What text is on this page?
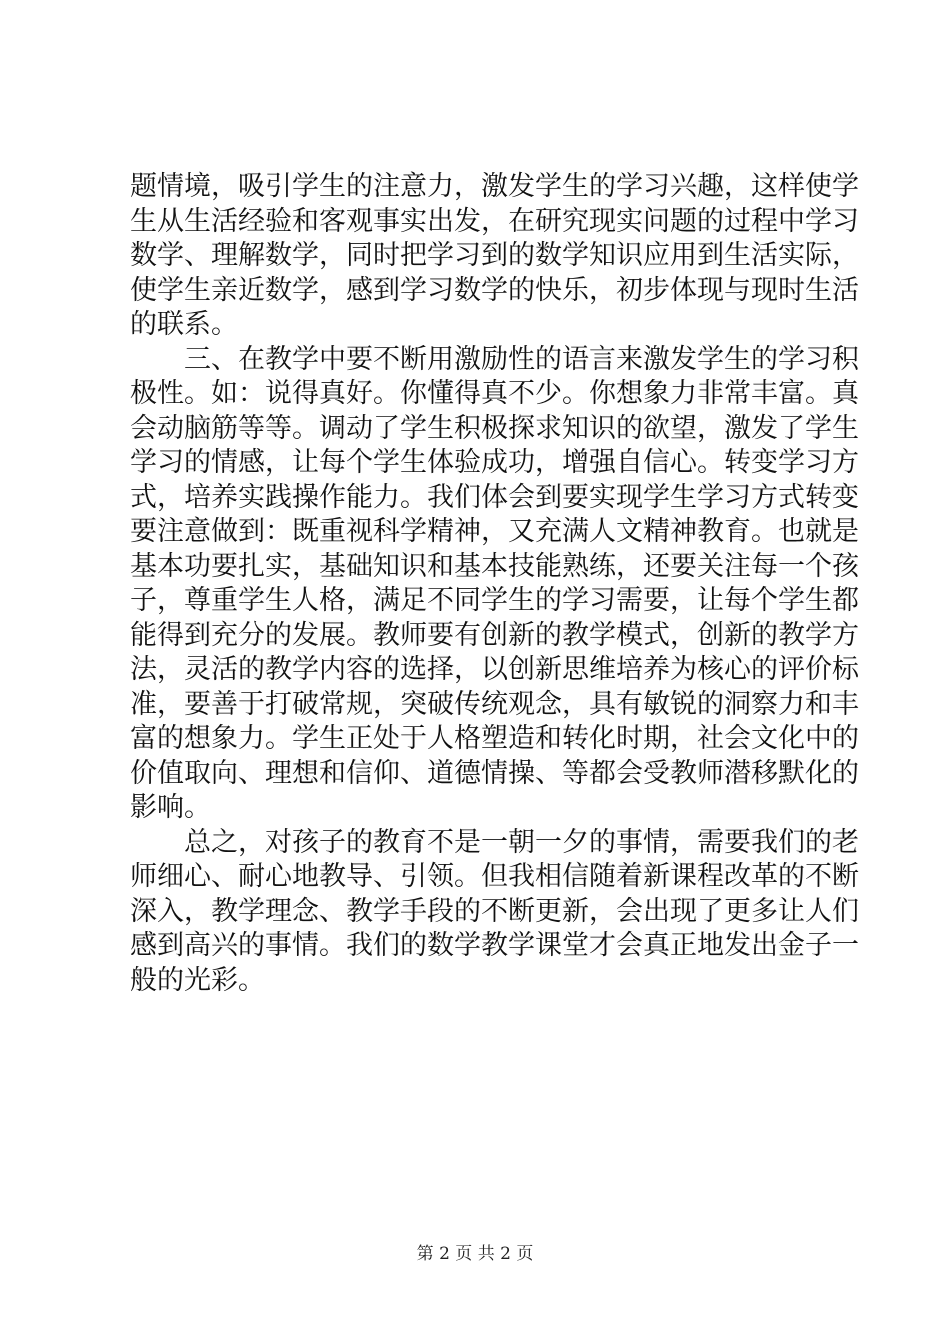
题情境，吸引学生的注意力，激发学生的学习兴趣，这样使学
生从生活经验和客观事实出发，在研究现实问题的过程中学习
数学、理解数学，同时把学习到的数学知识应用到生活实际，
使学生亲近数学，感到学习数学的快乐，初步体现与现时生活
的联系。
三、在教学中要不断用激励性的语言来激发学生的学习积
极性。如：说得真好。你懂得真不少。你想象力非常丰富。真
会动脑筋等等。调动了学生积极探求知识的欲望，激发了学生
学习的情感，让每个学生体验成功，增强自信心。转变学习方
式，培养实践操作能力。我们体会到要实现学生学习方式转变
要注意做到：既重视科学精神，又充满人文精神教育。也就是
基本功要扎实，基础知识和基本技能熟练，还要关注每一个孩
子，尊重学生人格，满足不同学生的学习需要，让每个学生都
能得到充分的发展。教师要有创新的教学模式，创新的教学方
法，灵活的教学内容的选择，以创新思维培养为核心的评价标
准，要善于打破常规，突破传统观念，具有敏锐的洞察力和丰
富的想象力。学生正处于人格塑造和转化时期，社会文化中的
价值取向、理想和信仰、道德情操、等都会受教师潜移默化的
影响。
总之，对孩子的教育不是一朝一夕的事情，需要我们的老
师细心、耐心地教导、引领。但我相信随着新课程改革的不断
深入，教学理念、教学手段的不断更新，会出现了更多让人们
感到高兴的事情。我们的数学教学课堂才会真正地发出金子一
般的光彩。
第 2 页 共 2 页
